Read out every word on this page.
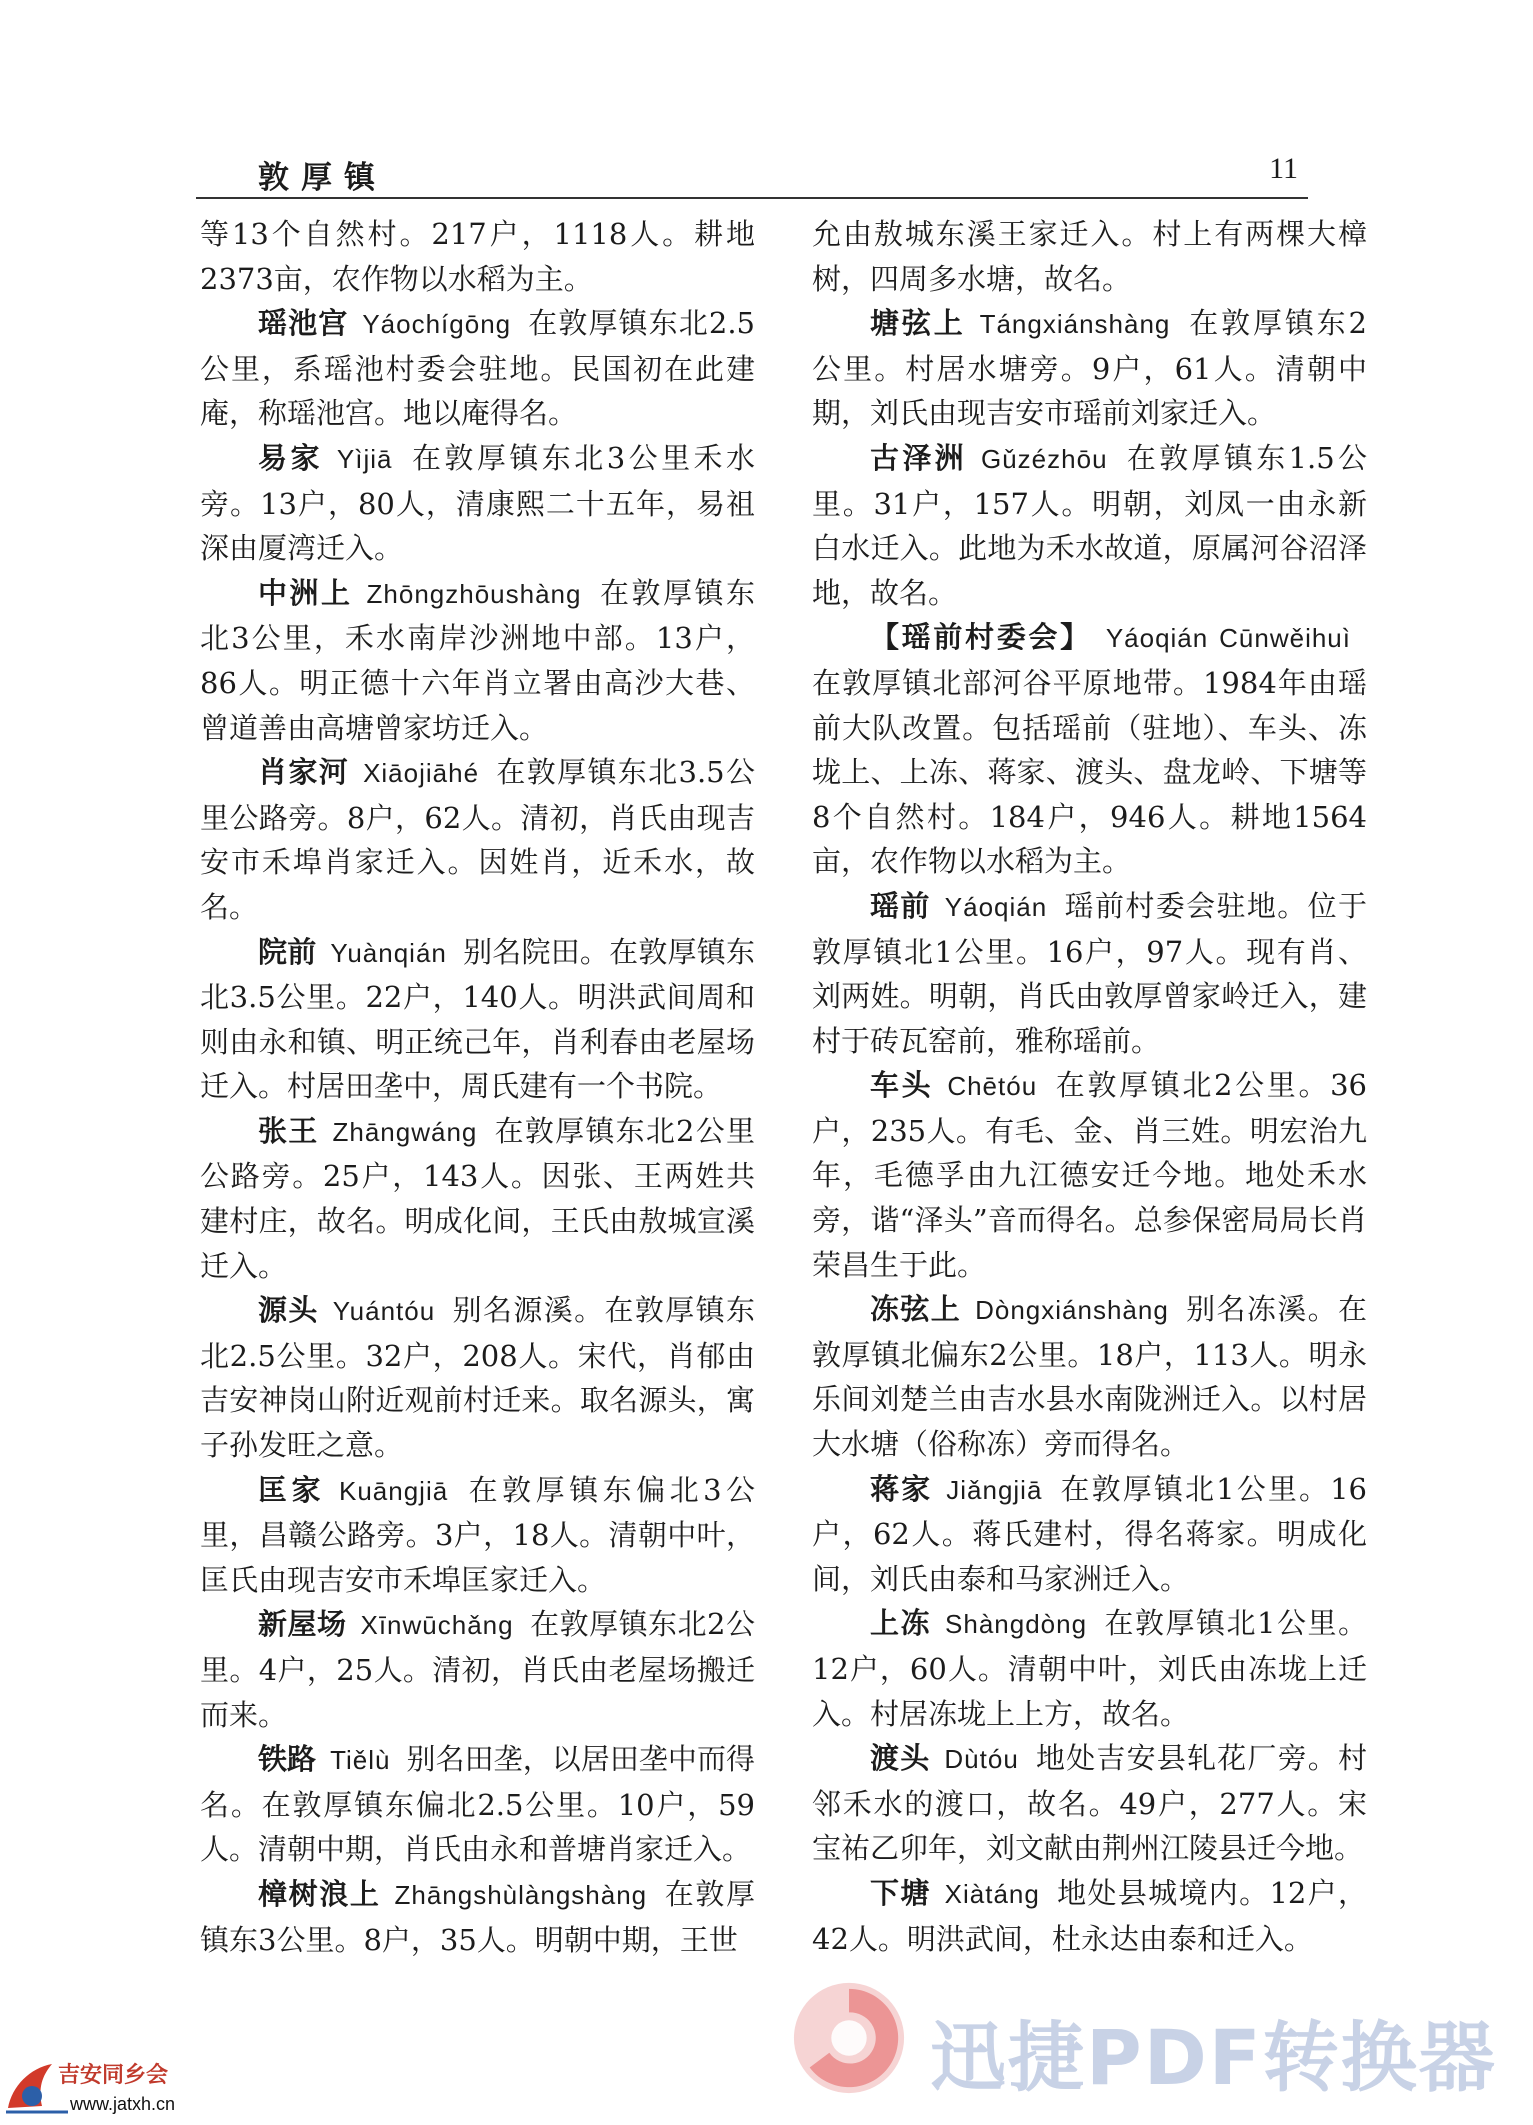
敦厚镇	11

等13个自然村。217户，1118人。耕地2373亩，农作物以水稻为主。

瑶池宫 Yáochígōng 在敦厚镇东北2.5公里，系瑶池村委会驻地。民国初在此建庵，称瑶池宫。地以庵得名。

易家 Yìjiā 在敦厚镇东北3公里禾水旁。13户，80人，清康熙二十五年，易祖深由厦湾迁入。

中洲上 Zhōngzhōushàng 在敦厚镇东北3公里，禾水南岸沙洲地中部。13户，86人。明正德十六年肖立署由高沙大巷、曾道善由高塘曾家坊迁入。

肖家河 Xiāojiāhé 在敦厚镇东北3.5公里公路旁。8户，62人。清初，肖氏由现吉安市禾埠肖家迁入。因姓肖，近禾水，故名。

院前 Yuànqián 别名院田。在敦厚镇东北3.5公里。22户，140人。明洪武间周和则由永和镇、明正统己年，肖利春由老屋场迁入。村居田垄中，周氏建有一个书院。

张王 Zhāngwáng 在敦厚镇东北2公里公路旁。25户，143人。因张、王两姓共建村庄，故名。明成化间，王氏由敖城宣溪迁入。

源头 Yuántóu 别名源溪。在敦厚镇东北2.5公里。32户，208人。宋代，肖郁由吉安神岗山附近观前村迁来。取名源头，寓子孙发旺之意。

匡家 Kuāngjiā 在敦厚镇东偏北3公里，昌赣公路旁。3户，18人。清朝中叶，匡氏由现吉安市禾埠匡家迁入。

新屋场 Xīnwūchǎng 在敦厚镇东北2公里。4户，25人。清初，肖氏由老屋场搬迁而来。

铁路 Tiělù 别名田垄，以居田垄中而得名。在敦厚镇东偏北2.5公里。10户，59人。清朝中期，肖氏由永和普塘肖家迁入。

樟树浪上 Zhāngshùlàngshàng 在敦厚镇东3公里。8户，35人。明朝中期，王世

允由敖城东溪王家迁入。村上有两棵大樟树，四周多水塘，故名。

塘弦上 Tángxiánshàng 在敦厚镇东2公里。村居水塘旁。9户，61人。清朝中期，刘氏由现吉安市瑶前刘家迁入。

古泽洲 Gǔzézhōu 在敦厚镇东1.5公里。31户，157人。明朝，刘凤一由永新白水迁入。此地为禾水故道，原属河谷沼泽地，故名。

【瑶前村委会】 Yáoqián Cūnwěihuì在敦厚镇北部河谷平原地带。1984年由瑶前大队改置。包括瑶前（驻地）、车头、冻垅上、上冻、蒋家、渡头、盘龙岭、下塘等8个自然村。184户，946人。耕地1564亩，农作物以水稻为主。

瑶前 Yáoqián 瑶前村委会驻地。位于敦厚镇北1公里。16户，97人。现有肖、刘两姓。明朝，肖氏由敦厚曾家岭迁入，建村于砖瓦窑前，雅称瑶前。

车头 Chētóu 在敦厚镇北2公里。36户，235人。有毛、金、肖三姓。明宏治九年，毛德孚由九江德安迁今地。地处禾水旁，谐“泽头”音而得名。总参保密局局长肖荣昌生于此。

冻弦上 Dòngxiánshàng 别名冻溪。在敦厚镇北偏东2公里。18户，113人。明永乐间刘楚兰由吉水县水南陇洲迁入。以村居大水塘（俗称冻）旁而得名。

蒋家 Jiǎngjiā 在敦厚镇北1公里。16户，62人。蒋氏建村，得名蒋家。明成化间，刘氏由泰和马家洲迁入。

上冻 Shàngdòng 在敦厚镇北1公里。12户，60人。清朝中叶，刘氏由冻垅上迁入。村居冻垅上上方，故名。

渡头 Dùtóu 地处吉安县轧花厂旁。村邻禾水的渡口，故名。49户，277人。宋宝祐乙卯年，刘文献由荆州江陵县迁今地。

下塘 Xiàtáng 地处县城境内。12户，42人。明洪武间，杜永达由泰和迁入。

迅捷PDF转换器
吉安同乡会
www.jatxh.cn
